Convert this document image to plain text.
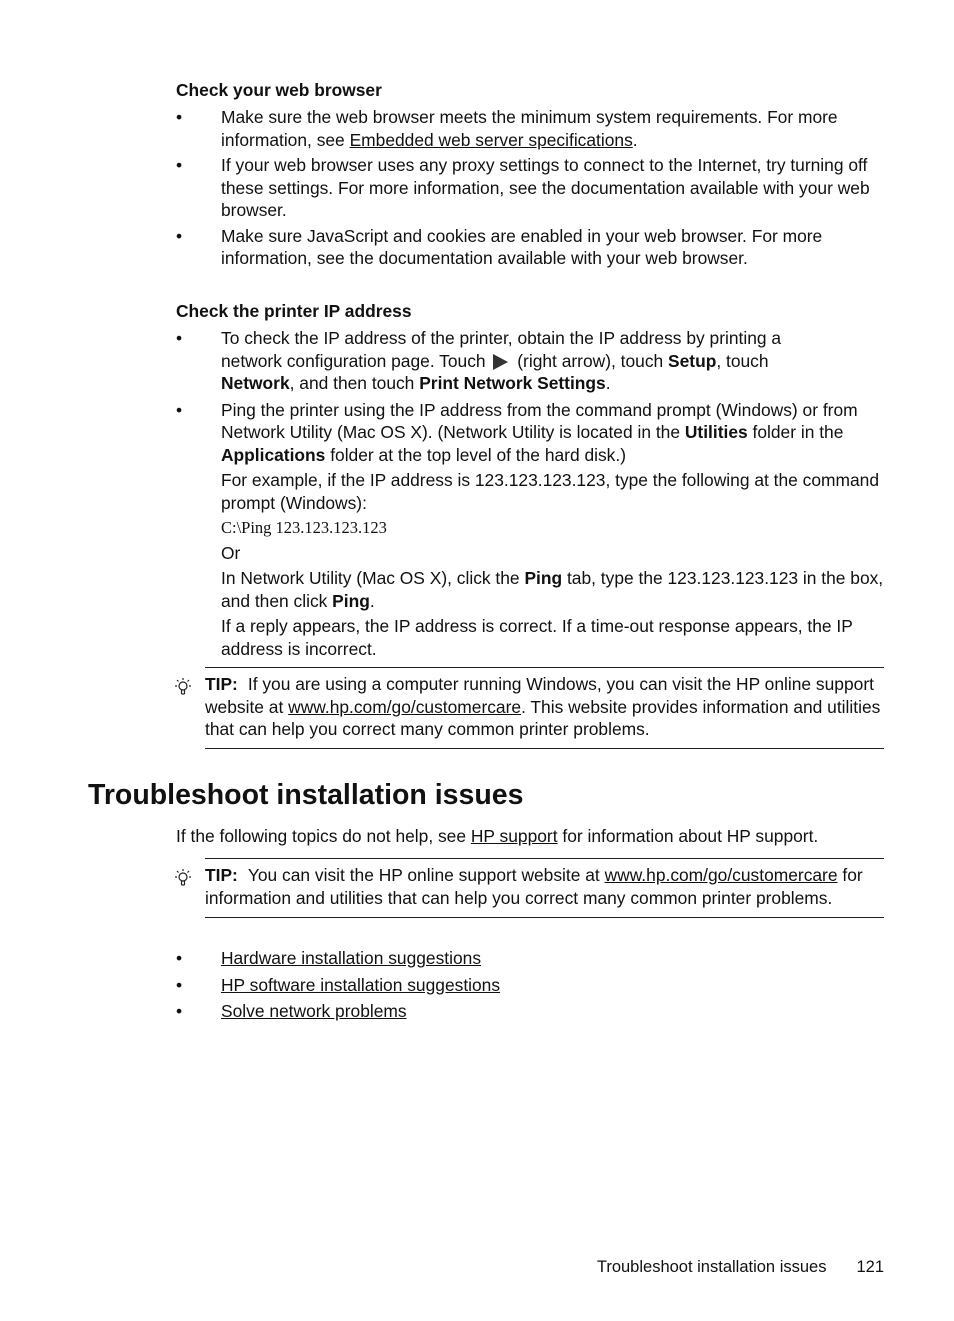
Check your web browser
• Make sure the web browser meets the minimum system requirements. For more information, see Embedded web server specifications.
• If your web browser uses any proxy settings to connect to the Internet, try turning off these settings. For more information, see the documentation available with your web browser.
• Make sure JavaScript and cookies are enabled in your web browser. For more information, see the documentation available with your web browser.
Check the printer IP address
• To check the IP address of the printer, obtain the IP address by printing a network configuration page. Touch  (right arrow), touch Setup, touch Network, and then touch Print Network Settings.
• Ping the printer using the IP address from the command prompt (Windows) or from Network Utility (Mac OS X). (Network Utility is located in the Utilities folder in the Applications folder at the top level of the hard disk.)
For example, if the IP address is 123.123.123.123, type the following at the command prompt (Windows):
C:\Ping 123.123.123.123
Or
In Network Utility (Mac OS X), click the Ping tab, type the 123.123.123.123 in the box, and then click Ping.
If a reply appears, the IP address is correct. If a time-out response appears, the IP address is incorrect.
TIP: If you are using a computer running Windows, you can visit the HP online support website at www.hp.com/go/customercare. This website provides information and utilities that can help you correct many common printer problems.
Troubleshoot installation issues

If the following topics do not help, see HP support for information about HP support.

TIP: You can visit the HP online support website at www.hp.com/go/customercare for information and utilities that can help you correct many common printer problems.
• Hardware installation suggestions
• HP software installation suggestions
• Solve network problems
Troubleshoot installation issues 121
